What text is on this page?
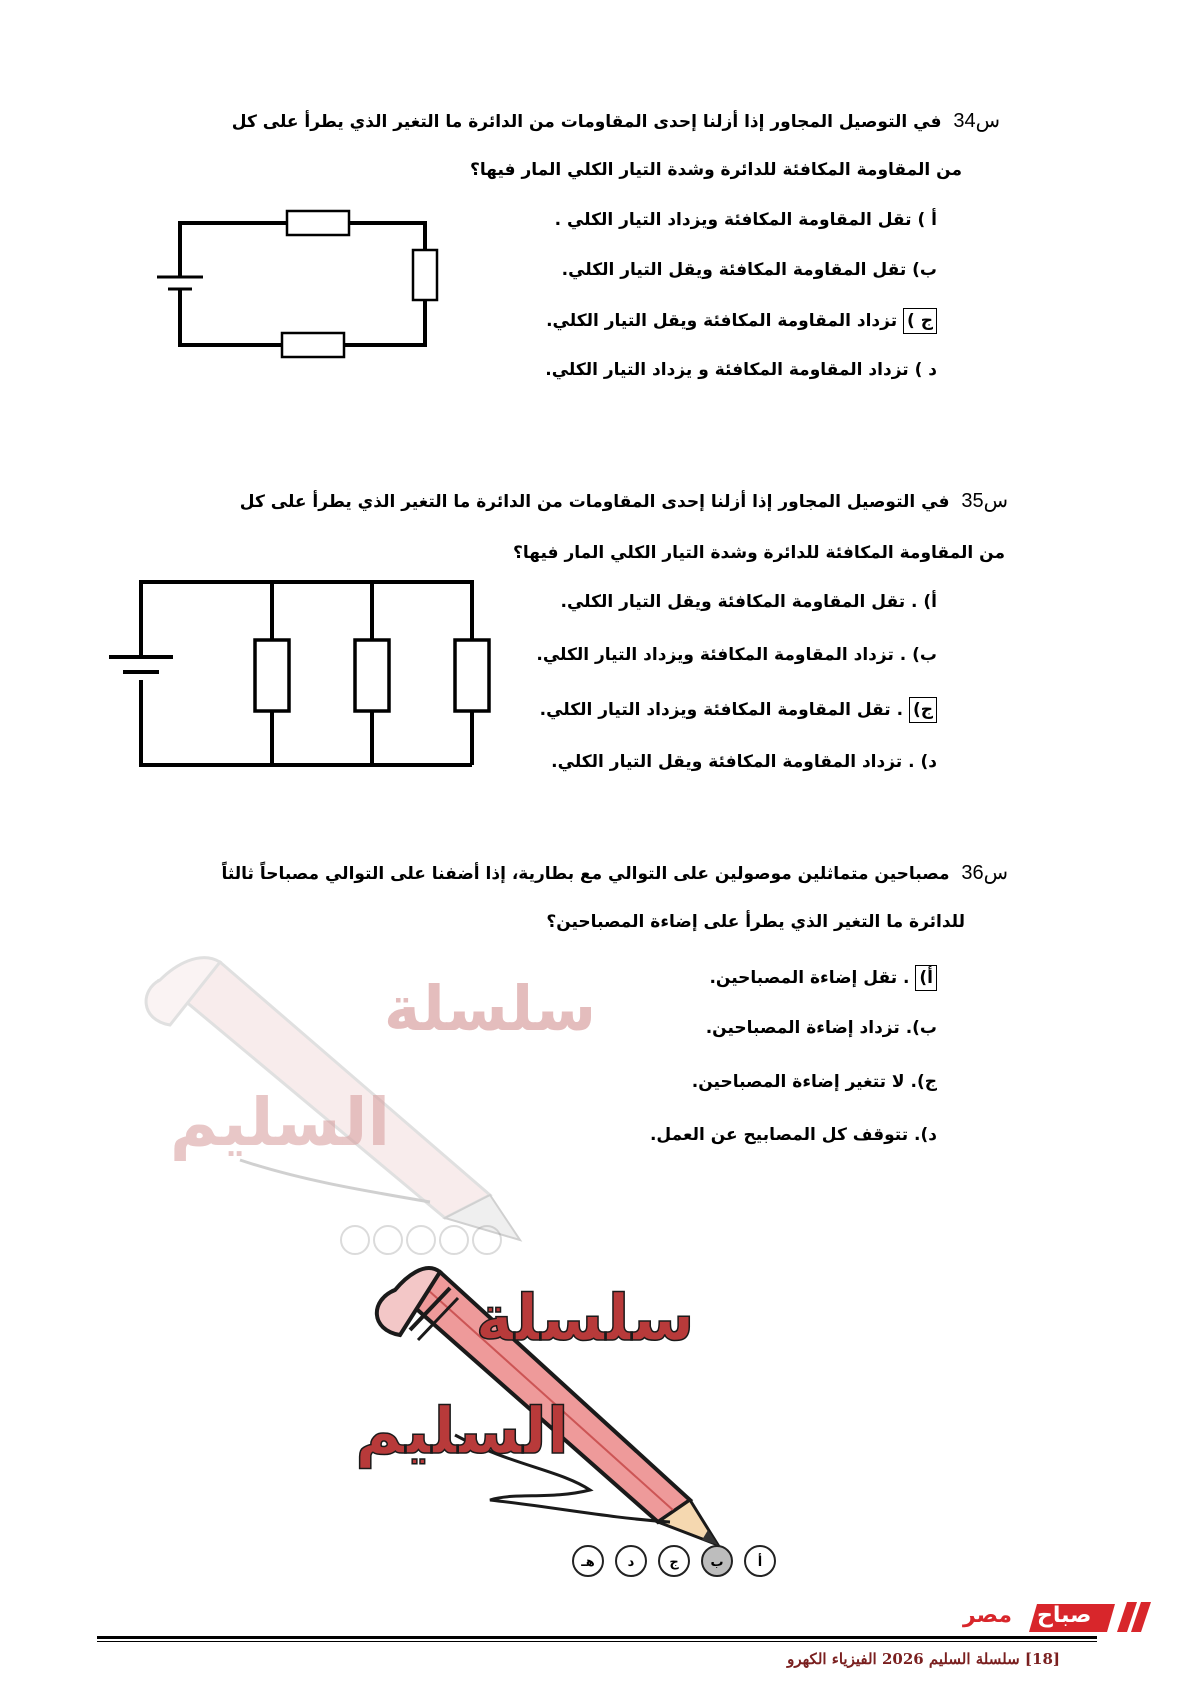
س34  في التوصيل المجاور إذا أزلنا إحدى المقاومات من الدائرة ما التغير الذي يطرأ على كل
من المقاومة المكافئة للدائرة وشدة التيار الكلي المار فيها؟
أ ) تقل المقاومة المكافئة ويزداد التيار الكلي .
ب) تقل المقاومة المكافئة ويقل التيار الكلي.
ج ) تزداد المقاومة المكافئة ويقل التيار الكلي.
د ) تزداد المقاومة المكافئة و يزداد التيار الكلي.
س35  في التوصيل المجاور إذا أزلنا إحدى المقاومات من الدائرة ما التغير الذي يطرأ على كل
من المقاومة المكافئة للدائرة وشدة التيار الكلي المار فيها؟
أ) . تقل المقاومة المكافئة ويقل التيار الكلي.
ب) . تزداد المقاومة المكافئة ويزداد التيار الكلي.
ج) . تقل المقاومة المكافئة ويزداد التيار الكلي.
د) . تزداد المقاومة المكافئة ويقل التيار الكلي.
س36  مصباحين متماثلين موصولين على التوالي مع بطارية، إذا أضفنا على التوالي مصباحاً ثالثاً
للدائرة ما التغير الذي يطرأ على إضاءة المصباحين؟
سلسلة
السليم
أ) . تقل إضاءة المصباحين.
ب). تزداد إضاءة المصباحين.
ج). لا تتغير إضاءة المصباحين.
د). تتوقف كل المصابيح عن العمل.
سلسلة
السليم
هـ	د	ج ب	أ
صباح
مصر
[18] سلسلة السليم 2026 الفيزياء الكهرو
